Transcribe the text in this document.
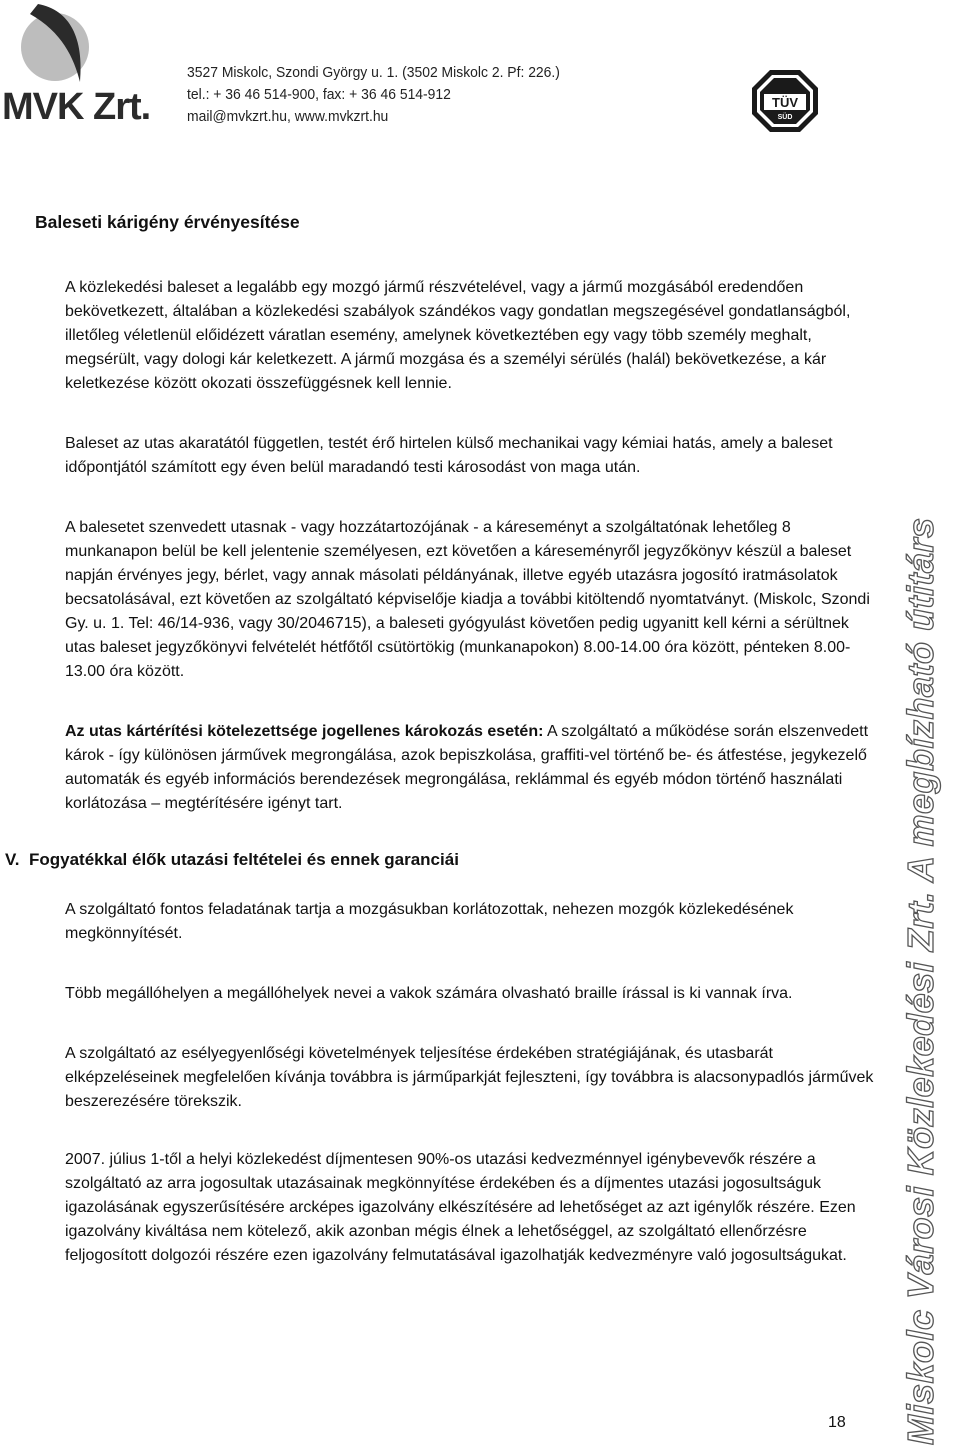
MVK Zrt.
3527 Miskolc, Szondi György u. 1. (3502 Miskolc 2. Pf: 226.)
tel.: + 36 46 514-900, fax: + 36 46 514-912
mail@mvkzrt.hu, www.mvkzrt.hu
TÜV
SÜD
Baleseti kárigény érvényesítése
A közlekedési baleset a legalább egy mozgó jármű részvételével, vagy a jármű mozgásából eredendően bekövetkezett, általában a közlekedési szabályok szándékos vagy gondatlan megszegésével gondatlanságból, illetőleg véletlenül előidézett váratlan esemény, amelynek következtében egy vagy több személy meghalt, megsérült, vagy dologi kár keletkezett. A jármű mozgása és a személyi sérülés (halál) bekövetkezése, a kár keletkezése között okozati összefüggésnek kell lennie.
Baleset az utas akaratától független, testét érő hirtelen külső mechanikai vagy kémiai hatás, amely a baleset időpontjától számított egy éven belül maradandó testi károsodást von maga után.
A balesetet szenvedett utasnak - vagy hozzátartozójának - a káreseményt a szolgáltatónak lehetőleg 8 munkanapon belül be kell jelentenie személyesen, ezt követően a káreseményről jegyzőkönyv készül a baleset napján érvényes jegy, bérlet, vagy annak másolati példányának, illetve egyéb utazásra jogosító iratmásolatok becsatolásával, ezt követően az szolgáltató képviselője kiadja a további kitöltendő nyomtatványt. (Miskolc, Szondi Gy. u. 1. Tel: 46/14-936, vagy 30/2046715), a baleseti gyógyulást követően pedig ugyanitt kell kérni a sérültnek utas baleset jegyzőkönyvi felvételét hétfőtől csütörtökig (munkanapokon) 8.00-14.00 óra között, pénteken 8.00-13.00 óra között.
Az utas kártérítési kötelezettsége jogellenes károkozás esetén: A szolgáltató a működése során elszenvedett károk - így különösen járművek megrongálása, azok bepiszkolása, graffiti-vel történő be- és átfestése, jegykezelő automaták és egyéb információs berendezések megrongálása, reklámmal és egyéb módon történő használati korlátozása – megtérítésére igényt tart.
V. Fogyatékkal élők utazási feltételei és ennek garanciái
A szolgáltató fontos feladatának tartja a mozgásukban korlátozottak, nehezen mozgók közlekedésének megkönnyítését.
Több megállóhelyen a megállóhelyek nevei a vakok számára olvasható braille írással is ki vannak írva.
A szolgáltató az esélyegyenlőségi követelmények teljesítése érdekében stratégiájának, és utasbarát elképzeléseinek megfelelően kívánja továbbra is járműparkját fejleszteni, így továbbra is alacsonypadlós járművek beszerezésére törekszik.
2007. július 1-től a helyi közlekedést díjmentesen 90%-os utazási kedvezménnyel igénybevevők részére a szolgáltató az arra jogosultak utazásainak megkönnyítése érdekében és a díjmentes utazási jogosultságuk igazolásának egyszerűsítésére arcképes igazolvány elkészítésére ad lehetőséget az azt igénylők részére. Ezen igazolvány kiváltása nem kötelező, akik azonban mégis élnek a lehetőséggel, az szolgáltató ellenőrzésre feljogosított dolgozói részére ezen igazolvány felmutatásával igazolhatják kedvezményre való jogosultságukat.	Miskolc Városi Közlekedési Zrt. A megbízható útitárs
18
